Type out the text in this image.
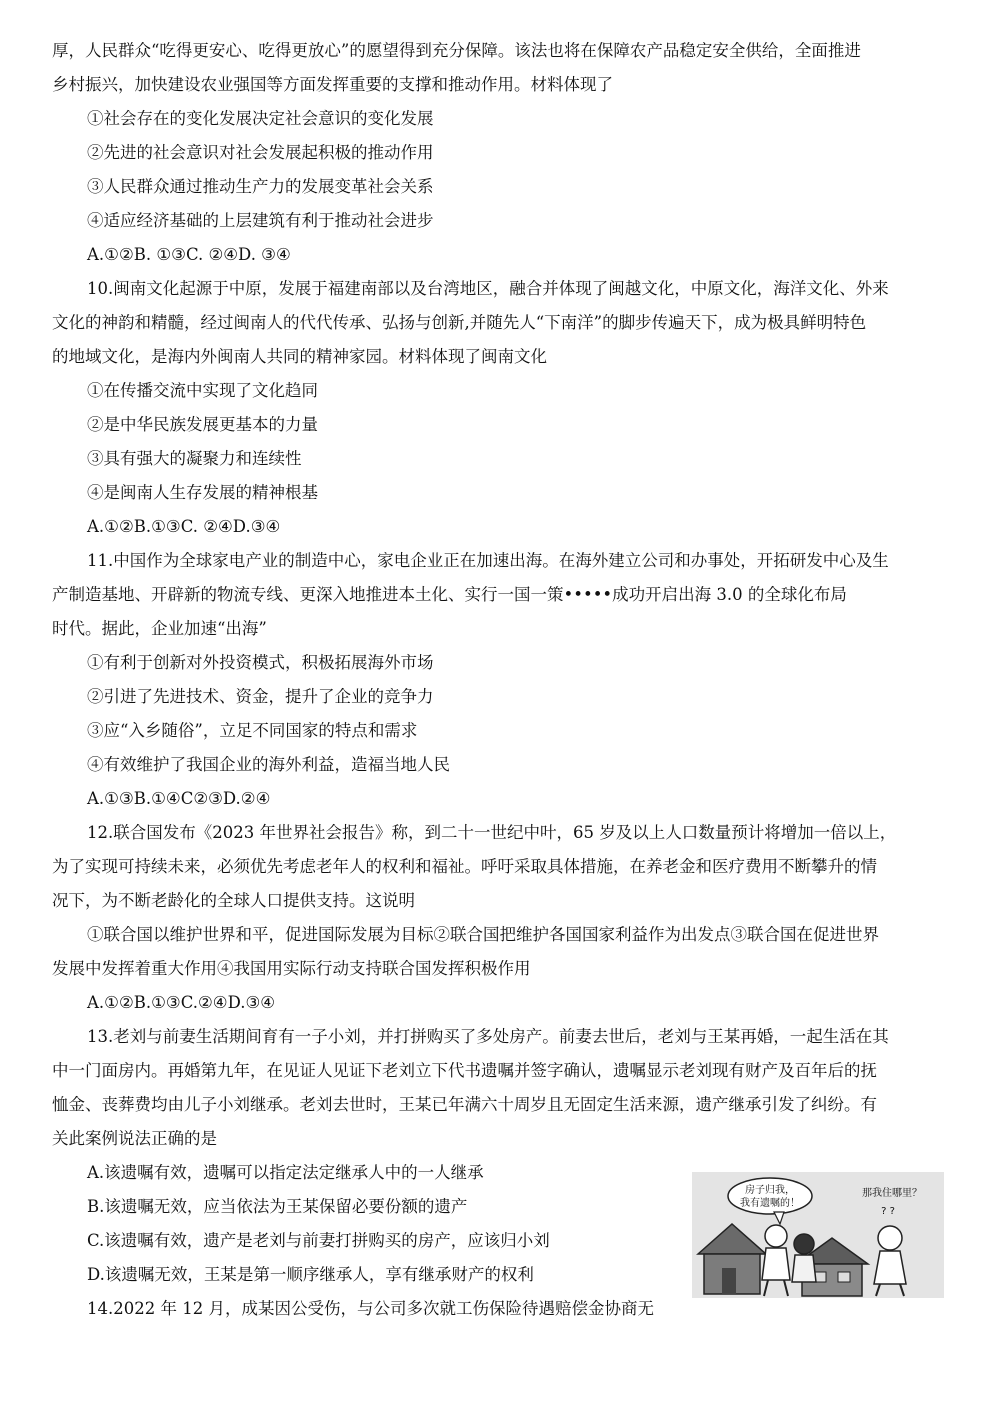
厚，人民群众“吃得更安心、吃得更放心”的愿望得到充分保障。该法也将在保障农产品稳定安全供给，全面推进
乡村振兴，加快建设农业强国等方面发挥重要的支撑和推动作用。材料体现了
①社会存在的变化发展决定社会意识的变化发展
②先进的社会意识对社会发展起积极的推动作用
③人民群众通过推动生产力的发展变革社会关系
④适应经济基础的上层建筑有利于推动社会进步
A.①②B. ①③C. ②④D. ③④
10.闽南文化起源于中原，发展于福建南部以及台湾地区，融合并体现了闽越文化，中原文化，海洋文化、外来
文化的神韵和精髓，经过闽南人的代代传承、弘扬与创新,并随先人“下南洋”的脚步传遍天下，成为极具鲜明特色
的地域文化，是海内外闽南人共同的精神家园。材料体现了闽南文化
①在传播交流中实现了文化趋同
②是中华民族发展更基本的力量
③具有强大的凝聚力和连续性
④是闽南人生存发展的精神根基
A.①②B.①③C. ②④D.③④
11.中国作为全球家电产业的制造中心，家电企业正在加速出海。在海外建立公司和办事处，开拓研发中心及生
产制造基地、开辟新的物流专线、更深入地推进本土化、实行一国一策•••••成功开启出海 3.0 的全球化布局
时代。据此，企业加速“出海”
①有利于创新对外投资模式，积极拓展海外市场
②引进了先进技术、资金，提升了企业的竞争力
③应“入乡随俗”，立足不同国家的特点和需求
④有效维护了我国企业的海外利益，造福当地人民
A.①③B.①④C②③D.②④
12.联合国发布《2023 年世界社会报告》称，到二十一世纪中叶，65 岁及以上人口数量预计将增加一倍以上，
为了实现可持续未来，必须优先考虑老年人的权利和福祉。呼吁采取具体措施，在养老金和医疗费用不断攀升的情
况下，为不断老龄化的全球人口提供支持。这说明
①联合国以维护世界和平，促进国际发展为目标②联合国把维护各国国家利益作为出发点③联合国在促进世界
发展中发挥着重大作用④我国用实际行动支持联合国发挥积极作用
A.①②B.①③C.②④D.③④
13.老刘与前妻生活期间育有一子小刘，并打拼购买了多处房产。前妻去世后，老刘与王某再婚，一起生活在其
中一门面房内。再婚第九年，在见证人见证下老刘立下代书遗嘱并签字确认，遗嘱显示老刘现有财产及百年后的抚
恤金、丧葬费均由儿子小刘继承。老刘去世时，王某已年满六十周岁且无固定生活来源，遗产继承引发了纠纷。有
关此案例说法正确的是
A.该遗嘱有效，遗嘱可以指定法定继承人中的一人继承
B.该遗嘱无效，应当依法为王某保留必要份额的遗产
C.该遗嘱有效，遗产是老刘与前妻打拼购买的房产，应该归小刘
D.该遗嘱无效，王某是第一顺序继承人，享有继承财产的权利
14.2022 年 12 月，成某因公受伤，与公司多次就工伤保险待遇赔偿金协商无
房子归我，
我有遗嘱的！
那我住哪里？
? ?
